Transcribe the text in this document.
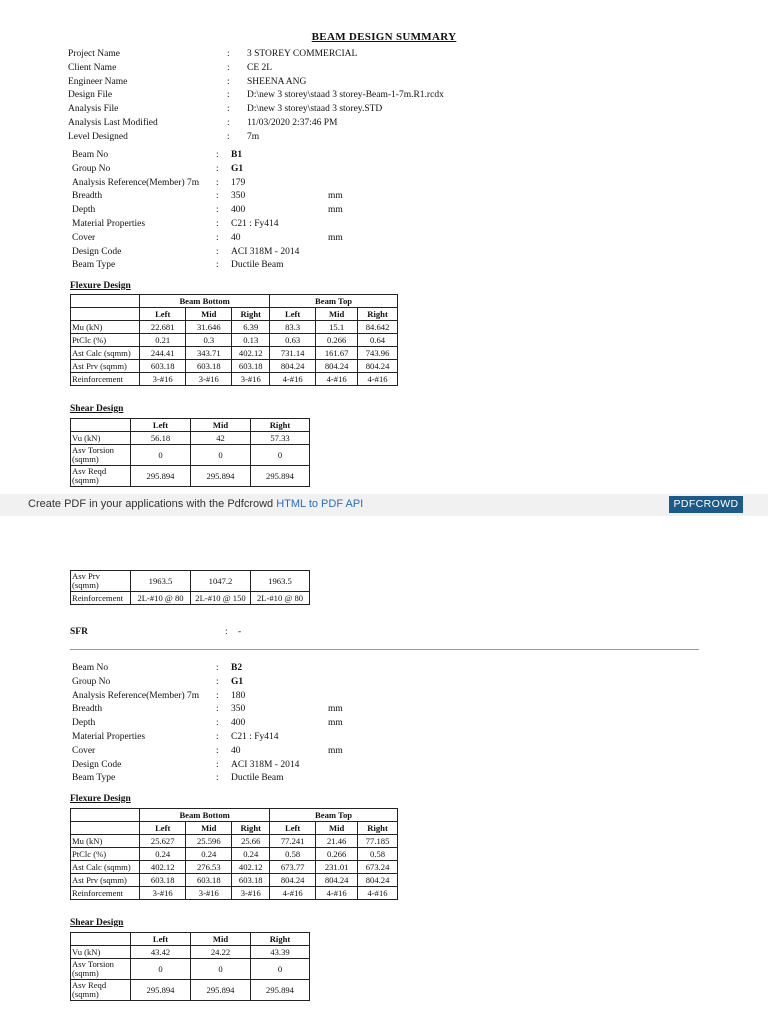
BEAM DESIGN SUMMARY
Project Name	: 3 STOREY COMMERCIAL
Client Name	: CE 2L
Engineer Name	: SHEENA ANG
Design File	: D:\new 3 storey\staad 3 storey-Beam-1-7m.R1.rcdx
Analysis File	: D:\new 3 storey\staad 3 storey.STD
Analysis Last Modified	: 11/03/2020 2:37:46 PM
Level Designed	: 7m
Beam No	: B1
Group No	: G1
Analysis Reference(Member) 7m : 179
Breadth	: 350	mm
Depth	: 400	mm
Material Properties	: C21 : Fy414
Cover	: 40	mm
Design Code	: ACI 318M - 2014
Beam Type	: Ductile Beam
Flexure Design
	Beam Bottom			Beam Top		
	Left	Mid	Right	Left	Mid	Right
Mu (kN)	22.681	31.646	6.39	83.3	15.1	84.642
PtClc (%)	0.21	0.3	0.13	0.63	0.266	0.64
Ast Calc (sqmm)	244.41	343.71	402.12	731.14	161.67	743.96
Ast Prv (sqmm)	603.18	603.18	603.18	804.24	804.24	804.24
Reinforcement	3-#16	3-#16	3-#16	4-#16	4-#16	4-#16
Shear Design
	Left	Mid	Right
Vu (kN)	56.18	42	57.33
Asv Torsion (sqmm)	0	0	0
Asv Reqd (sqmm)	295.894	295.894	295.894
Create PDF in your applications with the Pdfcrowd HTML to PDF API	PDFCROWD
Asv Prv (sqmm)	1963.5	1047.2	1963.5
Reinforcement	2L-#10 @ 80	2L-#10 @ 150	2L-#10 @ 80
SFR	: -
Beam No	: B2
Group No	: G1
Analysis Reference(Member) 7m : 180
Breadth	: 350	mm
Depth	: 400	mm
Material Properties	: C21 : Fy414
Cover	: 40	mm
Design Code	: ACI 318M - 2014
Beam Type	: Ductile Beam
Flexure Design
	Beam Bottom			Beam Top		
	Left	Mid	Right	Left	Mid	Right
Mu (kN)	25.627	25.596	25.66	77.241	21.46	77.185
PtClc (%)	0.24	0.24	0.24	0.58	0.266	0.58
Ast Calc (sqmm)	402.12	276.53	402.12	673.77	231.01	673.24
Ast Prv (sqmm)	603.18	603.18	603.18	804.24	804.24	804.24
Reinforcement	3-#16	3-#16	3-#16	4-#16	4-#16	4-#16
Shear Design
	Left	Mid	Right
Vu (kN)	43.42	24.22	43.39
Asv Torsion (sqmm)	0	0	0
Asv Reqd (sqmm)	295.894	295.894	295.894
